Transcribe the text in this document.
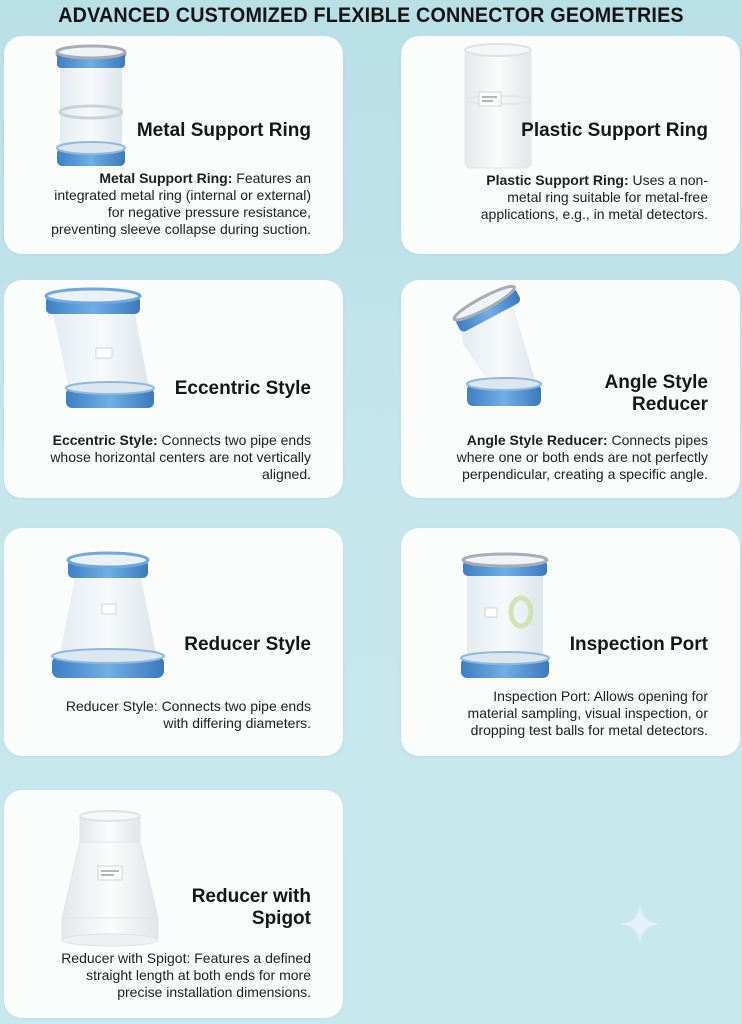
ADVANCED CUSTOMIZED FLEXIBLE CONNECTOR GEOMETRIES
Metal Support Ring
Metal Support Ring: Features an integrated metal ring (internal or external) for negative pressure resistance, preventing sleeve collapse during suction.
Plastic Support Ring
Plastic Support Ring: Uses a non-metal ring suitable for metal-free applications, e.g., in metal detectors.
Eccentric Style
Eccentric Style: Connects two pipe ends whose horizontal centers are not vertically aligned.
Angle Style Reducer
Angle Style Reducer: Connects pipes where one or both ends are not perfectly perpendicular, creating a specific angle.
Reducer Style
Reducer Style: Connects two pipe ends with differing diameters.
Inspection Port
Inspection Port: Allows opening for material sampling, visual inspection, or dropping test balls for metal detectors.
Reducer with Spigot
Reducer with Spigot: Features a defined straight length at both ends for more precise installation dimensions.
